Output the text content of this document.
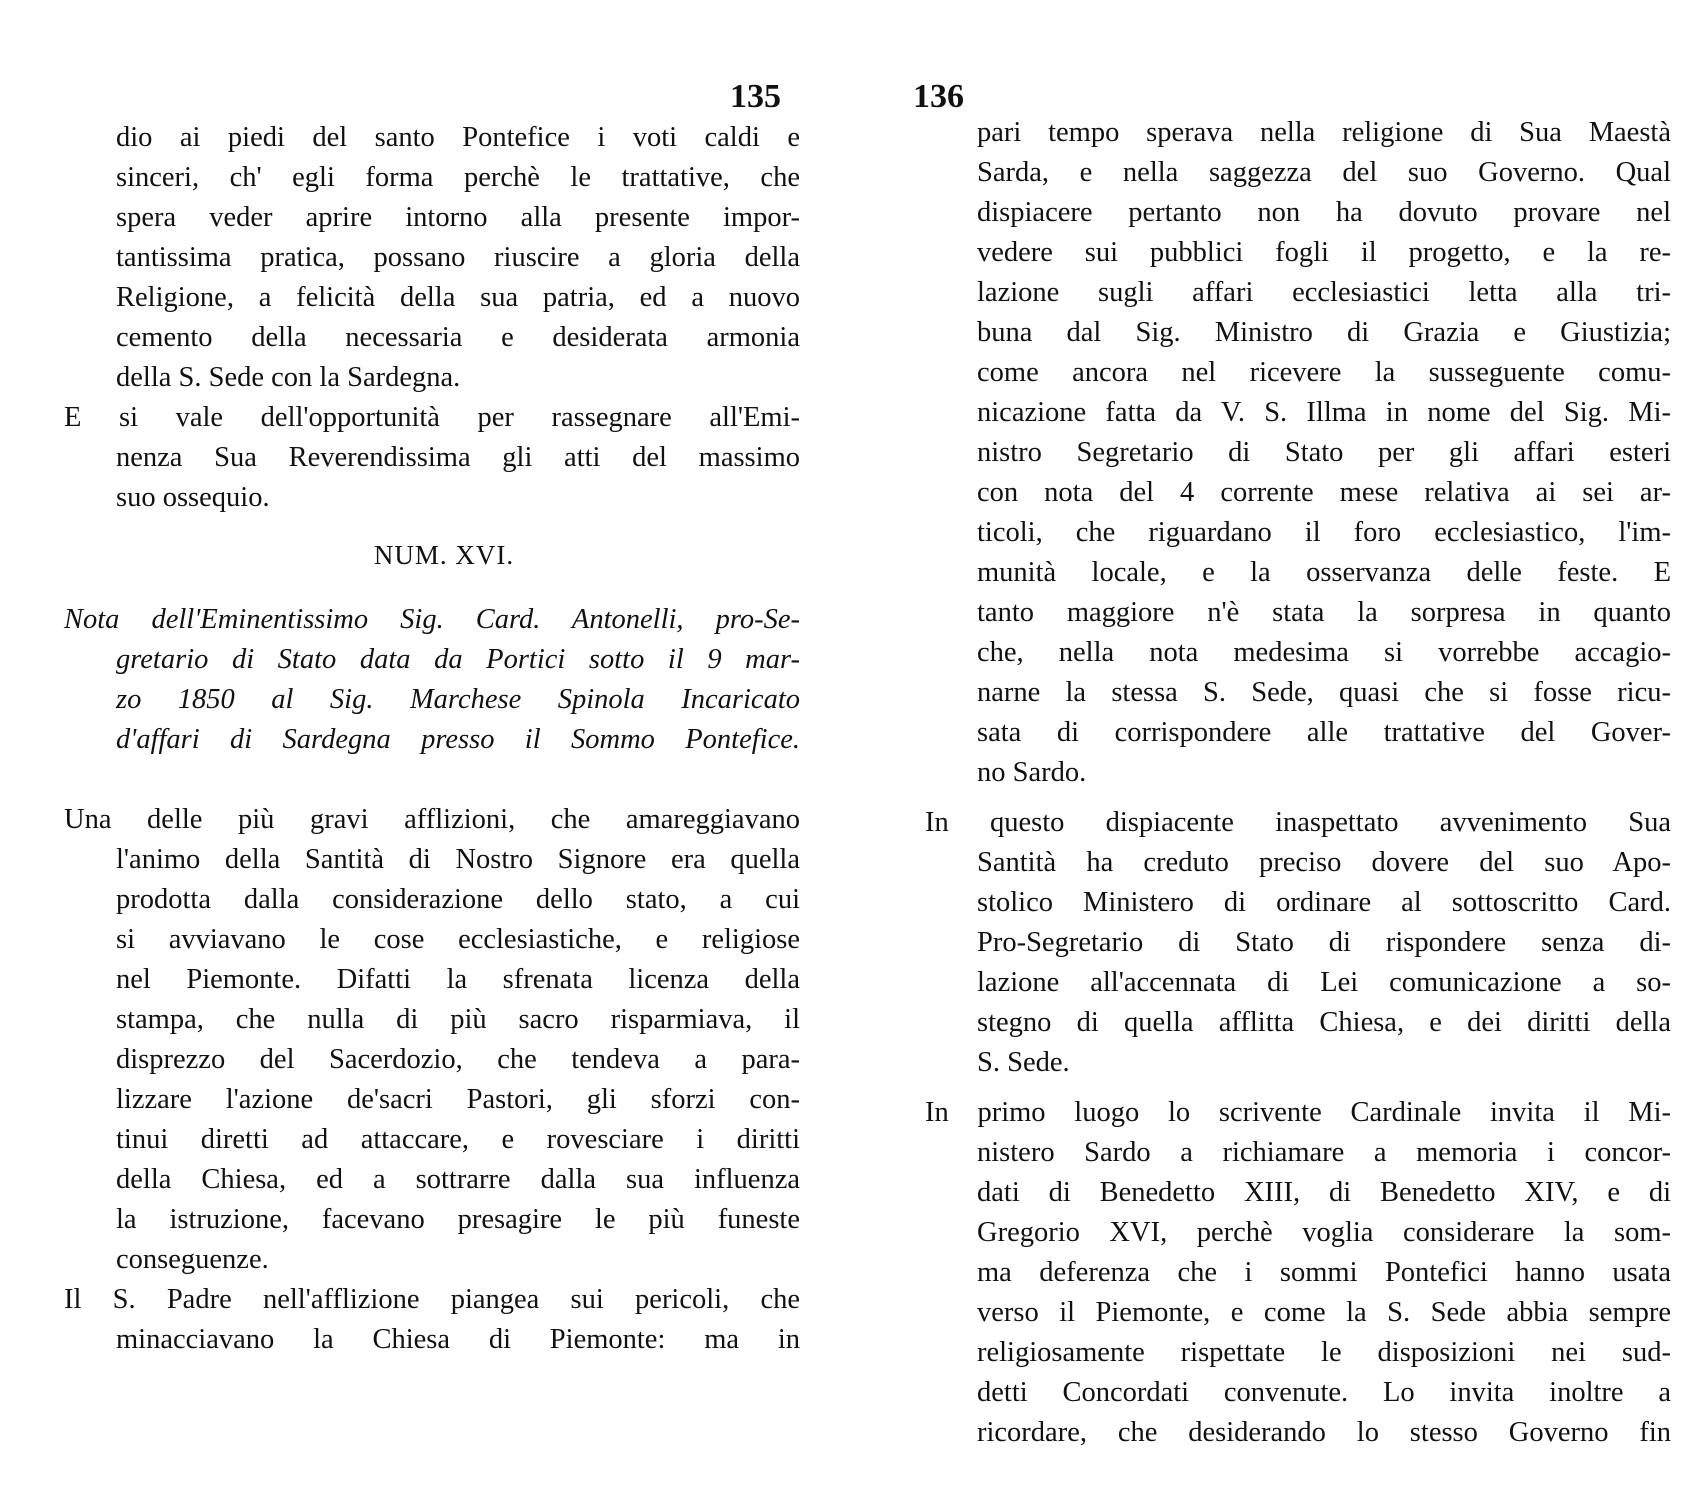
135
dio ai piedi del santo Pontefice i voti caldi e
sinceri, ch' egli forma perchè le trattative, che
spera veder aprire intorno alla presente impor-
tantissima pratica, possano riuscire a gloria della
Religione, a felicità della sua patria, ed a nuovo
cemento della necessaria e desiderata armonia
della S. Sede con la Sardegna.
E si vale dell'opportunità per rassegnare all'Emi-
nenza Sua Reverendissima gli atti del massimo
suo ossequio.
NUM. XVI.
Nota dell'Eminentissimo Sig. Card. Antonelli, pro-Se-
gretario di Stato data da Portici sotto il 9 mar-
zo 1850 al Sig. Marchese Spinola Incaricato
d'affari di Sardegna presso il Sommo Pontefice.
Una delle più gravi afflizioni, che amareggiavano
l'animo della Santità di Nostro Signore era quella
prodotta dalla considerazione dello stato, a cui
si avviavano le cose ecclesiastiche, e religiose
nel Piemonte. Difatti la sfrenata licenza della
stampa, che nulla di più sacro risparmiava, il
disprezzo del Sacerdozio, che tendeva a para-
lizzare l'azione de'sacri Pastori, gli sforzi con-
tinui diretti ad attaccare, e rovesciare i diritti
della Chiesa, ed a sottrarre dalla sua influenza
la istruzione, facevano presagire le più funeste
conseguenze.
Il S. Padre nell'afflizione piangea sui pericoli, che
minacciavano la Chiesa di Piemonte: ma in
136
pari tempo sperava nella religione di Sua Maestà
Sarda, e nella saggezza del suo Governo. Qual
dispiacere pertanto non ha dovuto provare nel
vedere sui pubblici fogli il progetto, e la re-
lazione sugli affari ecclesiastici letta alla tri-
buna dal Sig. Ministro di Grazia e Giustizia;
come ancora nel ricevere la susseguente comu-
nicazione fatta da V. S. Illma in nome del Sig. Mi-
nistro Segretario di Stato per gli affari esteri
con nota del 4 corrente mese relativa ai sei ar-
ticoli, che riguardano il foro ecclesiastico, l'im-
munità locale, e la osservanza delle feste. E
tanto maggiore n'è stata la sorpresa in quanto
che, nella nota medesima si vorrebbe accagio-
narne la stessa S. Sede, quasi che si fosse ricu-
sata di corrispondere alle trattative del Gover-
no Sardo.
In questo dispiacente inaspettato avvenimento Sua
Santità ha creduto preciso dovere del suo Apo-
stolico Ministero di ordinare al sottoscritto Card.
Pro-Segretario di Stato di rispondere senza di-
lazione all'accennata di Lei comunicazione a so-
stegno di quella afflitta Chiesa, e dei diritti della
S. Sede.
In primo luogo lo scrivente Cardinale invita il Mi-
nistero Sardo a richiamare a memoria i concor-
dati di Benedetto XIII, di Benedetto XIV, e di
Gregorio XVI, perchè voglia considerare la som-
ma deferenza che i sommi Pontefici hanno usata
verso il Piemonte, e come la S. Sede abbia sempre
religiosamente rispettate le disposizioni nei sud-
detti Concordati convenute. Lo invita inoltre a
ricordare, che desiderando lo stesso Governo fin
